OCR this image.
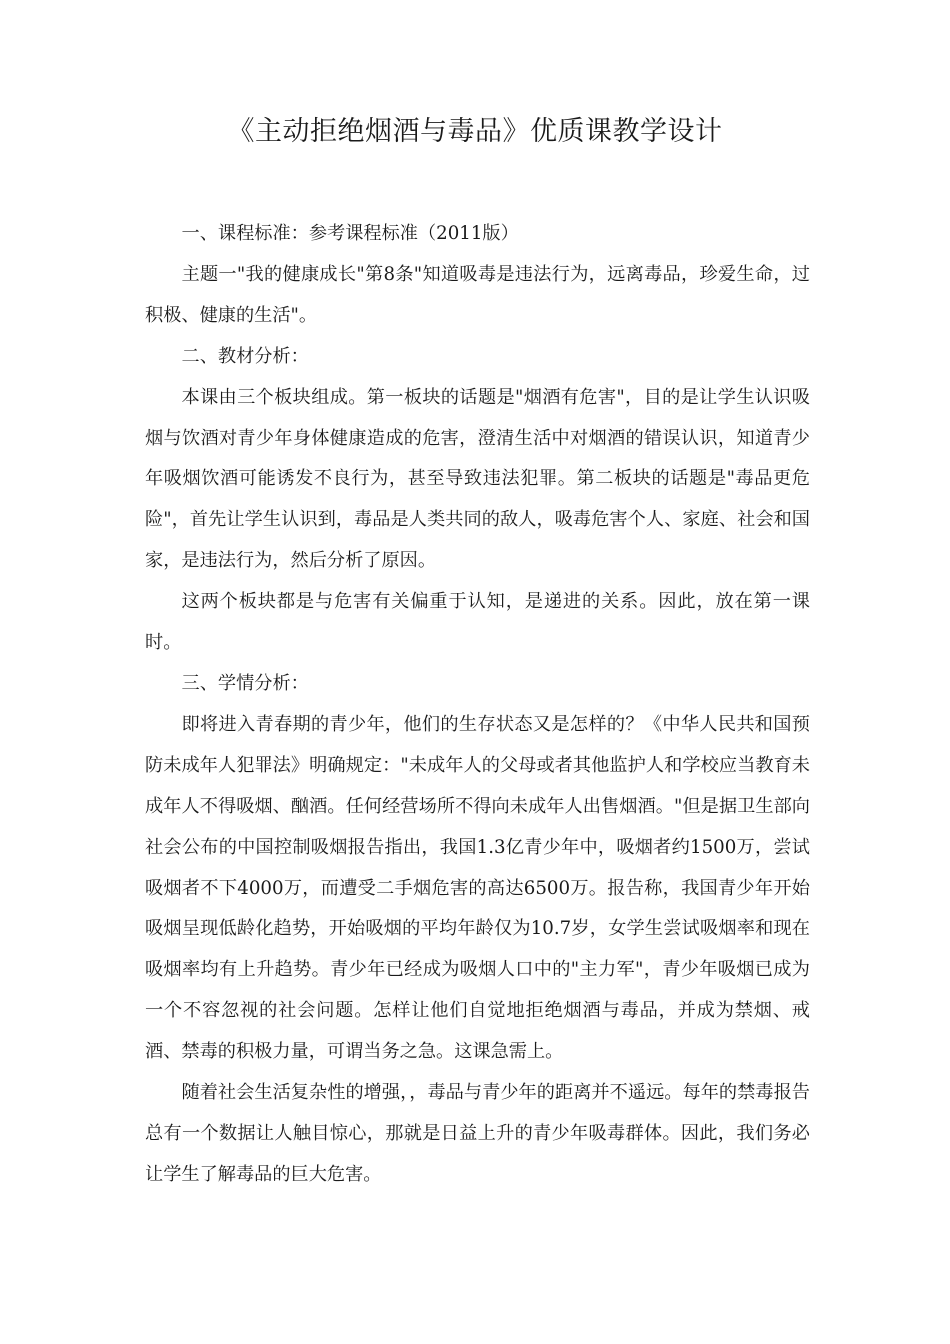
《主动拒绝烟酒与毒品》优质课教学设计

一、课程标准：参考课程标准（2011版）

主题一"我的健康成长"第8条"知道吸毒是违法行为，远离毒品，珍爱生命，过积极、健康的生活"。

二、教材分析：

本课由三个板块组成。第一板块的话题是"烟酒有危害"，目的是让学生认识吸烟与饮酒对青少年身体健康造成的危害，澄清生活中对烟酒的错误认识，知道青少年吸烟饮酒可能诱发不良行为，甚至导致违法犯罪。第二板块的话题是"毒品更危险"，首先让学生认识到，毒品是人类共同的敌人，吸毒危害个人、家庭、社会和国家，是违法行为，然后分析了原因。

这两个板块都是与危害有关偏重于认知，是递进的关系。因此，放在第一课时。

三、学情分析：

即将进入青春期的青少年，他们的生存状态又是怎样的？《中华人民共和国预防未成年人犯罪法》明确规定："未成年人的父母或者其他监护人和学校应当教育未成年人不得吸烟、酗酒。任何经营场所不得向未成年人出售烟酒。"但是据卫生部向社会公布的中国控制吸烟报告指出，我国1.3亿青少年中，吸烟者约1500万，尝试吸烟者不下4000万，而遭受二手烟危害的高达6500万。报告称，我国青少年开始吸烟呈现低龄化趋势，开始吸烟的平均年龄仅为10.7岁，女学生尝试吸烟率和现在吸烟率均有上升趋势。青少年已经成为吸烟人口中的"主力军"，青少年吸烟已成为一个不容忽视的社会问题。怎样让他们自觉地拒绝烟酒与毒品，并成为禁烟、戒酒、禁毒的积极力量，可谓当务之急。这课急需上。

随着社会生活复杂性的增强，，毒品与青少年的距离并不遥远。每年的禁毒报告总有一个数据让人触目惊心，那就是日益上升的青少年吸毒群体。因此，我们务必让学生了解毒品的巨大危害。
